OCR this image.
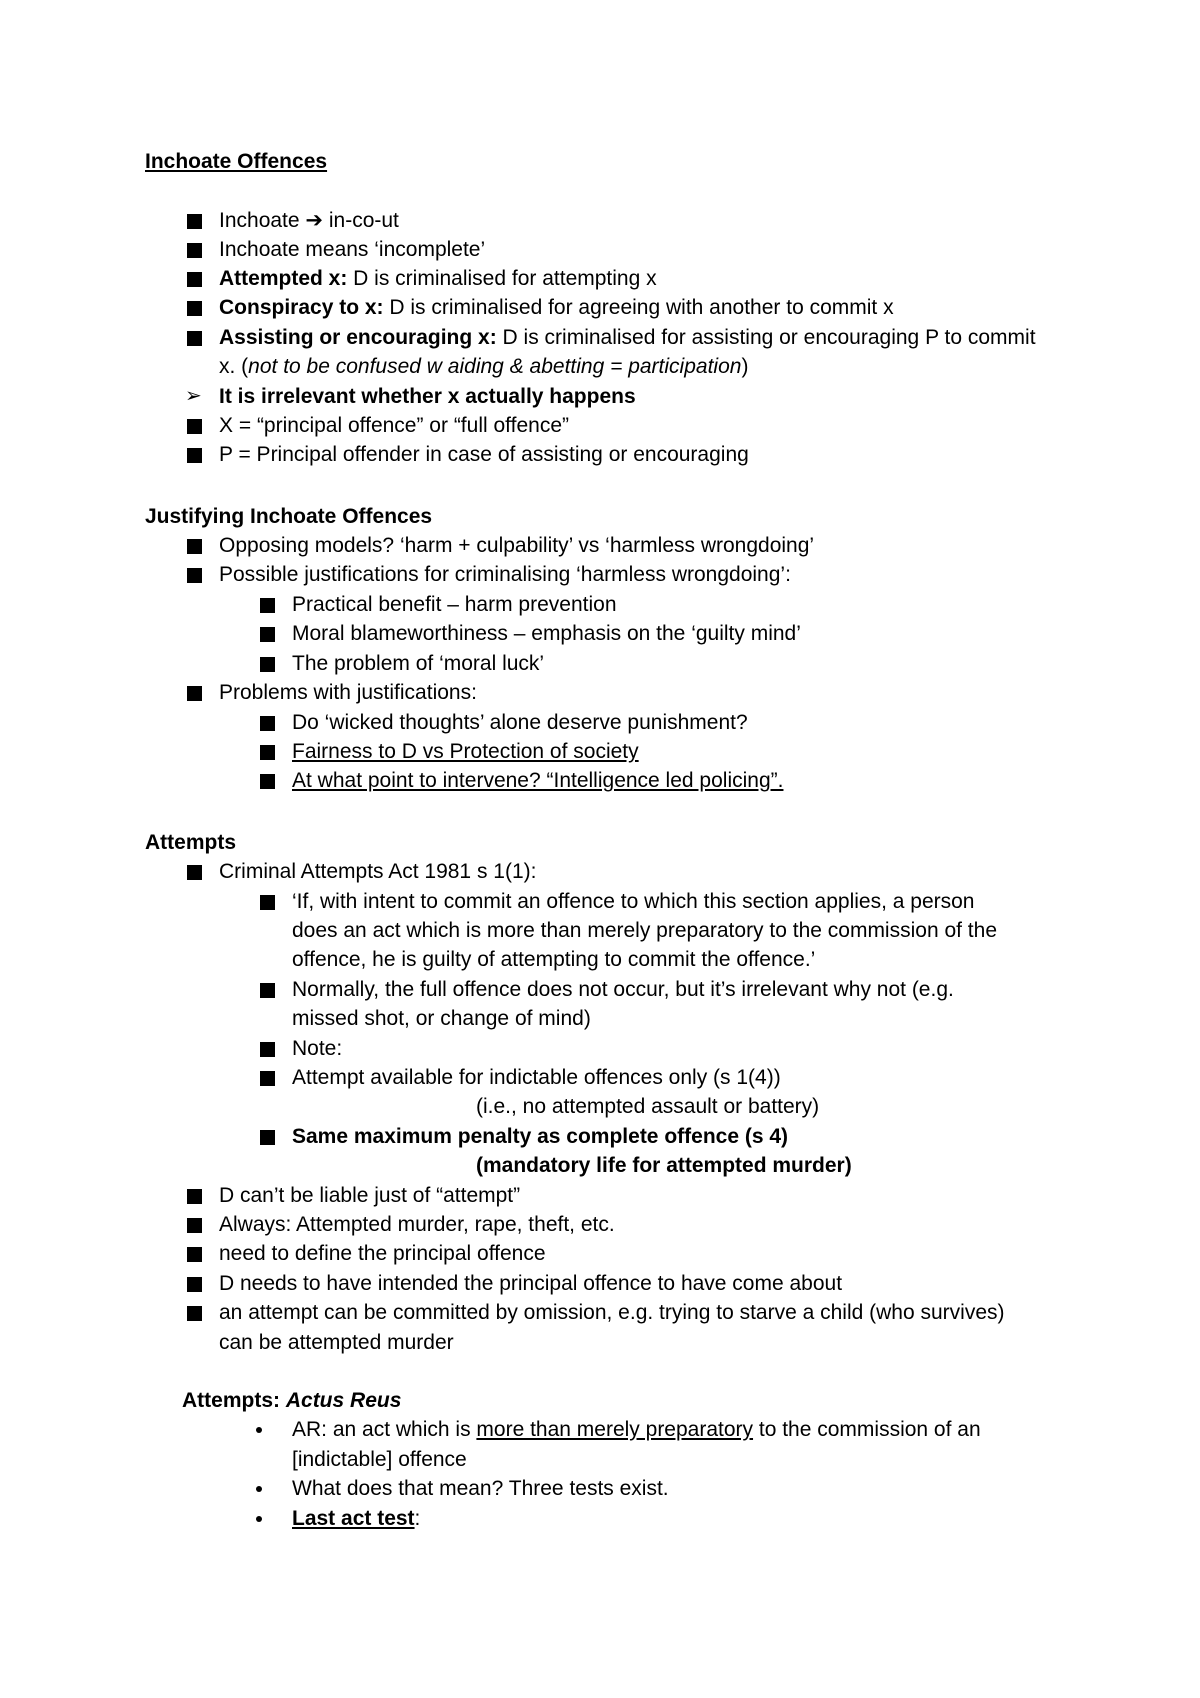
Inchoate Offences
Inchoate ➔ in-co-ut
Inchoate means ‘incomplete’
Attempted x: D is criminalised for attempting x
Conspiracy to x: D is criminalised for agreeing with another to commit x
Assisting or encouraging x: D is criminalised for assisting or encouraging P to commit
x. (not to be confused w aiding & abetting = participation)
➢ It is irrelevant whether x actually happens
X = “principal offence” or “full offence”
P = Principal offender in case of assisting or encouraging
Justifying Inchoate Offences
Opposing models? ‘harm + culpability’ vs ‘harmless wrongdoing’
Possible justifications for criminalising ‘harmless wrongdoing’:
Practical benefit – harm prevention
Moral blameworthiness – emphasis on the ‘guilty mind’
The problem of ‘moral luck’
Problems with justifications:
Do ‘wicked thoughts’ alone deserve punishment?
Fairness to D vs Protection of society
At what point to intervene? “Intelligence led policing”.
Attempts
Criminal Attempts Act 1981 s 1(1):
‘If, with intent to commit an offence to which this section applies, a person
does an act which is more than merely preparatory to the commission of the
offence, he is guilty of attempting to commit the offence.’
Normally, the full offence does not occur, but it’s irrelevant why not (e.g.
missed shot, or change of mind)
Note:
Attempt available for indictable offences only (s 1(4))
(i.e., no attempted assault or battery)
Same maximum penalty as complete offence (s 4)
(mandatory life for attempted murder)
D can’t be liable just of “attempt”
Always: Attempted murder, rape, theft, etc.
need to define the principal offence
D needs to have intended the principal offence to have come about
an attempt can be committed by omission, e.g. trying to starve a child (who survives)
can be attempted murder
Attempts: Actus Reus
AR: an act which is more than merely preparatory to the commission of an
[indictable] offence
What does that mean? Three tests exist.
Last act test:
